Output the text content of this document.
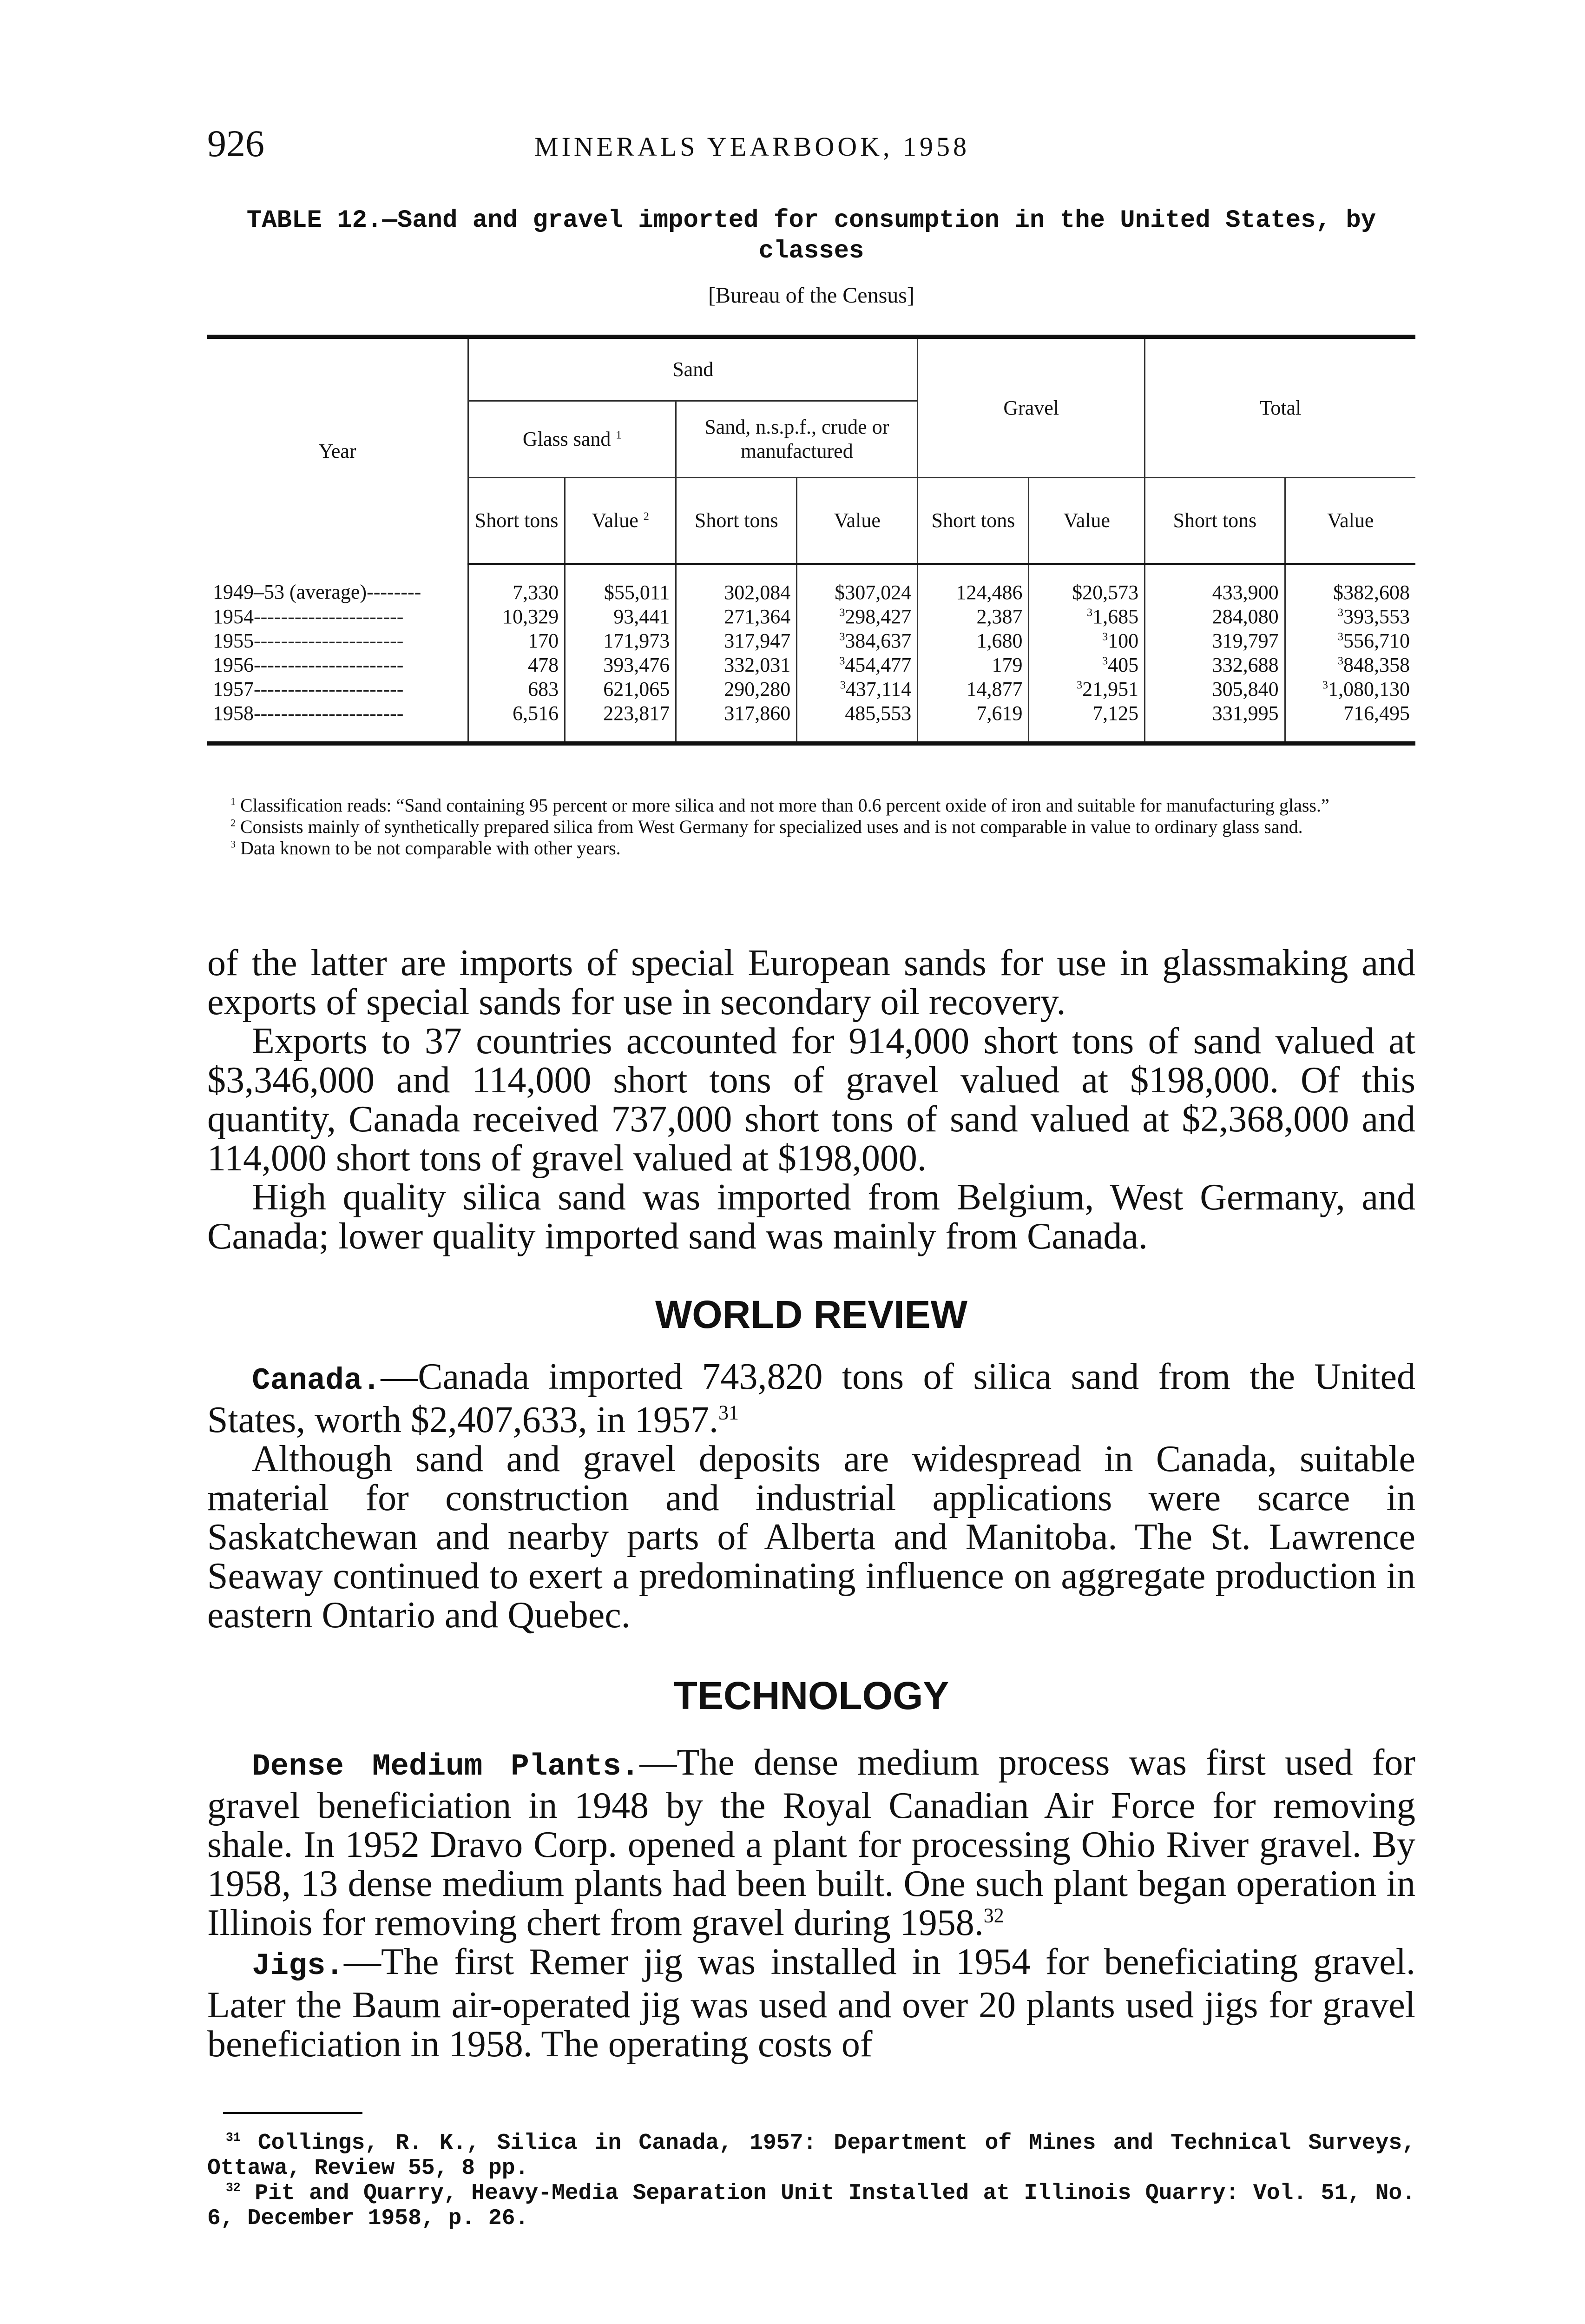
926	MINERALS YEARBOOK, 1958
TABLE 12.—Sand and gravel imported for consumption in the United States, by classes
[Bureau of the Census]
Year	Sand				Gravel		Total	
	Glass sand $^1$		Sand, n.s.p.f., crude or manufactured					
	Short tons	Value $^2$	Short tons	Value	Short tons	Value	Short tons	Value
1949–53 (average)--------	7,330	$55,011	302,084	$307,024	124,486	$20,573	433,900	$382,608
1954----------------------	10,329	93,441	271,364	$^3$298,427	2,387	$^3$1,685	284,080	$^3$393,553
1955----------------------	170	171,973	317,947	$^3$384,637	1,680	$^3$100	319,797	$^3$556,710
1956----------------------	478	393,476	332,031	$^3$454,477	179	$^3$405	332,688	$^3$848,358
1957----------------------	683	621,065	290,280	$^3$437,114	14,877	$^3$21,951	305,840	$^3$1,080,130
1958----------------------	6,516	223,817	317,860	485,553	7,619	7,125	331,995	716,495

$^1$ Classification reads: “Sand containing 95 percent or more silica and not more than 0.6 percent oxide of iron and suitable for manufacturing glass.”

$^2$ Consists mainly of synthetically prepared silica from West Germany for specialized uses and is not comparable in value to ordinary glass sand.

$^3$ Data known to be not comparable with other years.

of the latter are imports of special European sands for use in glassmaking and exports of special sands for use in secondary oil recovery.

Exports to 37 countries accounted for 914,000 short tons of sand valued at $3,346,000 and 114,000 short tons of gravel valued at $198,000. Of this quantity, Canada received 737,000 short tons of sand valued at $2,368,000 and 114,000 short tons of gravel valued at $198,000.

High quality silica sand was imported from Belgium, West Germany, and Canada; lower quality imported sand was mainly from Canada.

WORLD REVIEW

Canada.—Canada imported 743,820 tons of silica sand from the United States, worth $2,407,633, in 1957.31

Although sand and gravel deposits are widespread in Canada, suitable material for construction and industrial applications were scarce in Saskatchewan and nearby parts of Alberta and Manitoba. The St. Lawrence Seaway continued to exert a predominating influence on aggregate production in eastern Ontario and Quebec.

TECHNOLOGY

Dense Medium Plants.—The dense medium process was first used for gravel beneficiation in 1948 by the Royal Canadian Air Force for removing shale. In 1952 Dravo Corp. opened a plant for processing Ohio River gravel. By 1958, 13 dense medium plants had been built. One such plant began operation in Illinois for removing chert from gravel during 1958.32

Jigs.—The first Remer jig was installed in 1954 for beneficiating gravel. Later the Baum air-operated jig was used and over 20 plants used jigs for gravel beneficiation in 1958. The operating costs of

$^{31}$ Collings, R. K., Silica in Canada, 1957: Department of Mines and Technical Surveys, Ottawa, Review 55, 8 pp.

$^{32}$ Pit and Quarry, Heavy-Media Separation Unit Installed at Illinois Quarry: Vol. 51, No. 6, December 1958, p. 26.
